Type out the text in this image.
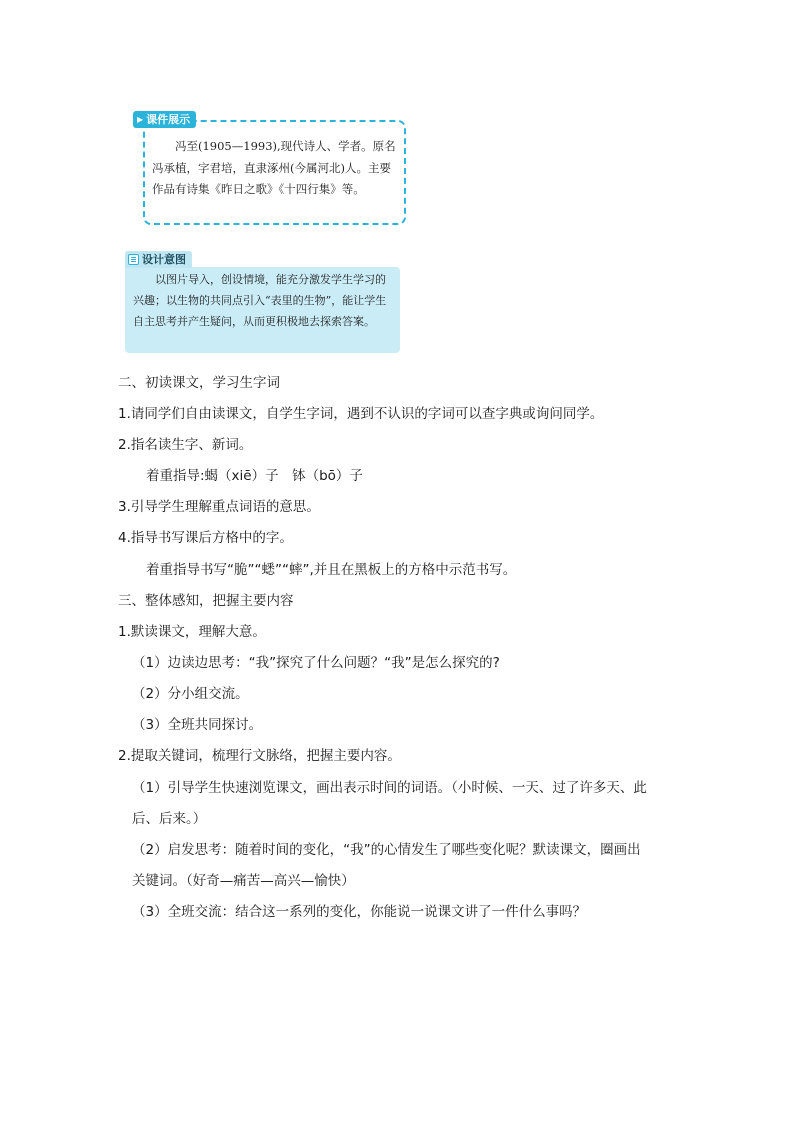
▶ 课件展示

冯至(1905—1993),现代诗人、学者。原名冯承植，字君培，直隶涿州(今属河北)人。主要作品有诗集《昨日之歌》《十四行集》等。

设计意图

以图片导入，创设情境，能充分激发学生学习的兴趣；以生物的共同点引入“表里的生物”，能让学生自主思考并产生疑问，从而更积极地去探索答案。

二、初读课文，学习生字词
1.请同学们自由读课文，自学生字词，遇到不认识的字词可以查字典或询问同学。
2.指名读生字、新词。
着重指导:蝎（xiē）子　钵（bō）子
3.引导学生理解重点词语的意思。
4.指导书写课后方格中的字。
着重指导书写“脆”“蟋”“蟀”,并且在黑板上的方格中示范书写。
三、整体感知，把握主要内容
1.默读课文，理解大意。
（1）边读边思考：“我”探究了什么问题？“我”是怎么探究的?
（2）分小组交流。
（3）全班共同探讨。
2.提取关键词，梳理行文脉络，把握主要内容。
（1）引导学生快速浏览课文，画出表示时间的词语。（小时候、一天、过了许多天、此
后、后来。）
（2）启发思考：随着时间的变化，“我”的心情发生了哪些变化呢？默读课文，圈画出
关键词。（好奇—痛苦—高兴—愉快）
（3）全班交流：结合这一系列的变化，你能说一说课文讲了一件什么事吗？
